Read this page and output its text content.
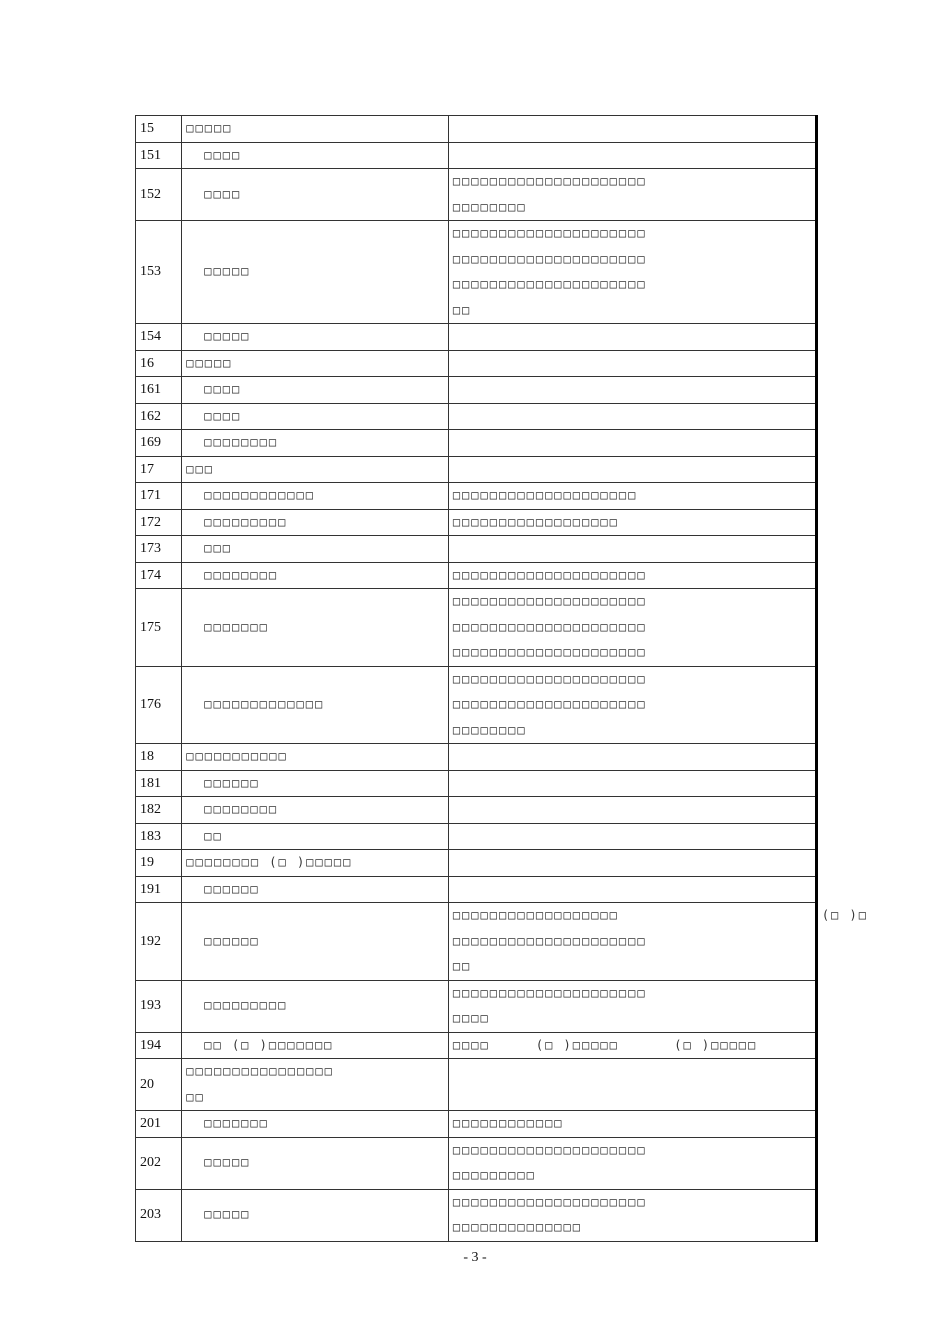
15	□□□□□	
151	□□□□	
152	□□□□	□□□□□□□□□□□□□□□□□□□□□
□□□□□□□□
153	□□□□□	□□□□□□□□□□□□□□□□□□□□□
□□□□□□□□□□□□□□□□□□□□□
□□□□□□□□□□□□□□□□□□□□□
□□
154	□□□□□	
16	□□□□□	
161	□□□□	
162	□□□□	
169	□□□□□□□□	
17	□□□	
171	□□□□□□□□□□□□	□□□□□□□□□□□□□□□□□□□□
172	□□□□□□□□□	□□□□□□□□□□□□□□□□□□
173	□□□	
174	□□□□□□□□	□□□□□□□□□□□□□□□□□□□□□
175	□□□□□□□	□□□□□□□□□□□□□□□□□□□□□
□□□□□□□□□□□□□□□□□□□□□
□□□□□□□□□□□□□□□□□□□□□
176	□□□□□□□□□□□□□	□□□□□□□□□□□□□□□□□□□□□
□□□□□□□□□□□□□□□□□□□□□
□□□□□□□□
18	□□□□□□□□□□□	
181	□□□□□□	
182	□□□□□□□□	
183	□□	
19	□□□□□□□□ (□ )□□□□□	
191	□□□□□□	
192	□□□□□□	□□□□□□□□□□□□□□□□□□                      (□ )□
□□□□□□□□□□□□□□□□□□□□□
□□
193	□□□□□□□□□	□□□□□□□□□□□□□□□□□□□□□
□□□□
194	□□ (□ )□□□□□□□	□□□□     (□ )□□□□□      (□ )□□□□□
20	□□□□□□□□□□□□□□□□
□□	
201	□□□□□□□	□□□□□□□□□□□□
202	□□□□□	□□□□□□□□□□□□□□□□□□□□□
□□□□□□□□□
203	□□□□□	□□□□□□□□□□□□□□□□□□□□□
□□□□□□□□□□□□□□
- 3 -
